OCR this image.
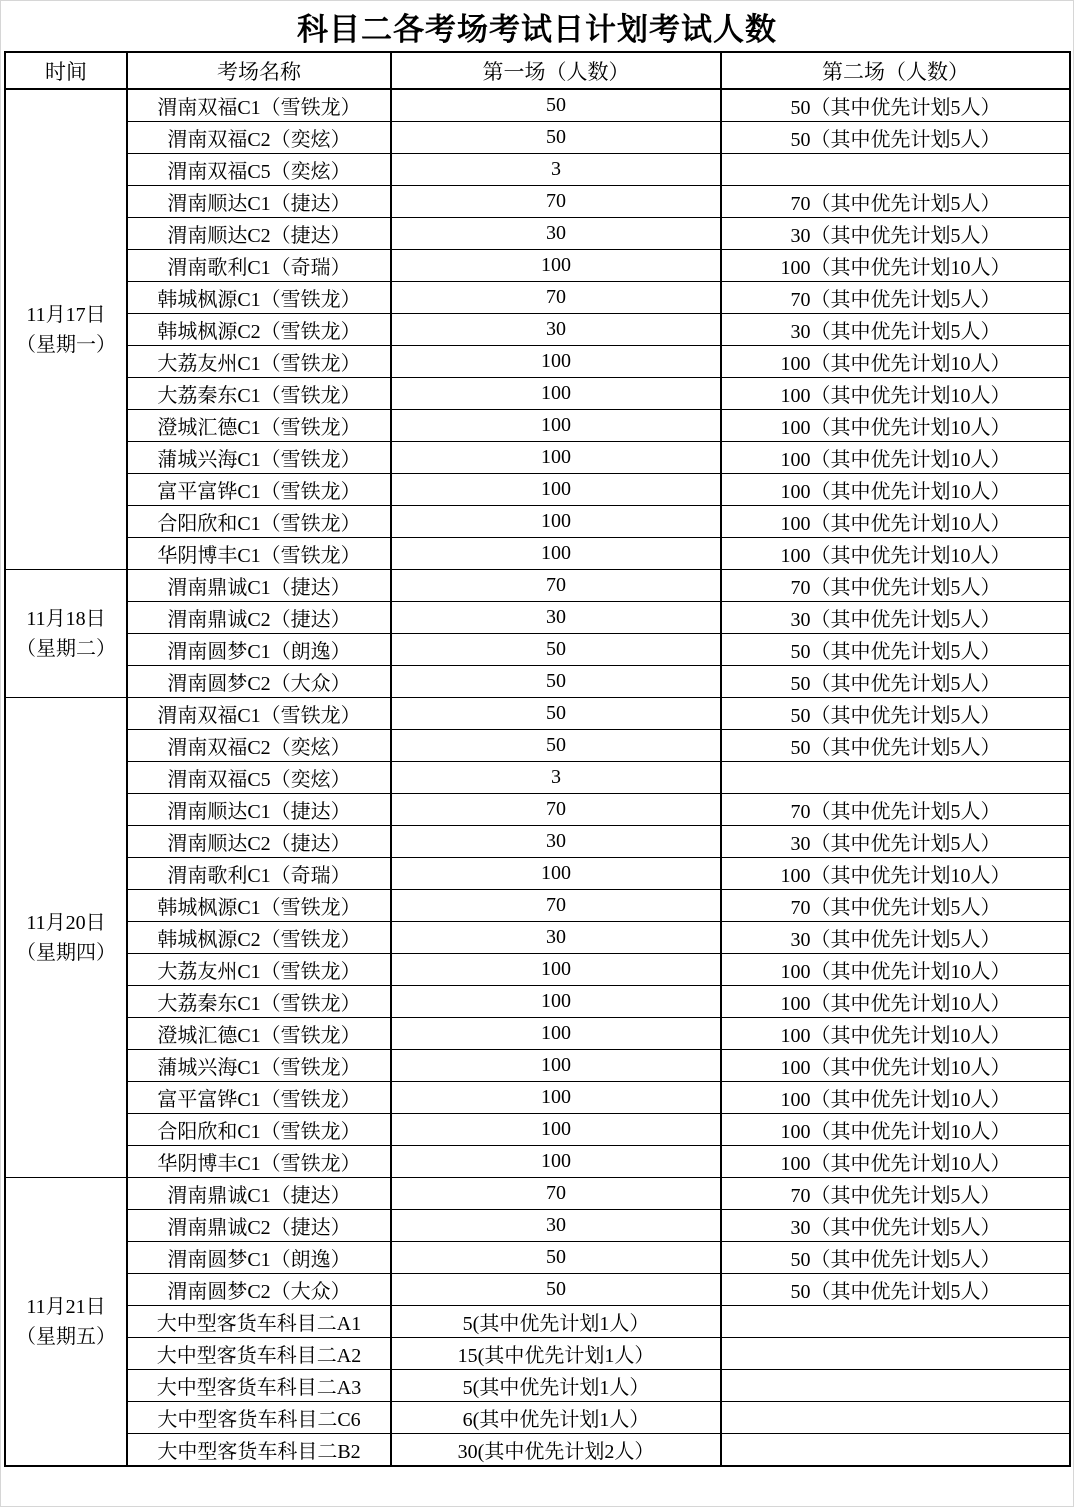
科目二各考场考试日计划考试人数
时间	考场名称	第一场（人数）	第二场（人数）

11月17日
（星期一）	渭南双福C1（雪铁龙）	50	50（其中优先计划5人）
	渭南双福C2（奕炫）	50	50（其中优先计划5人）
	渭南双福C5（奕炫）	3	
	渭南顺达C1（捷达）	70	70（其中优先计划5人）
	渭南顺达C2（捷达）	30	30（其中优先计划5人）
	渭南歌利C1（奇瑞）	100	100（其中优先计划10人）
	韩城枫源C1（雪铁龙）	70	70（其中优先计划5人）
	韩城枫源C2（雪铁龙）	30	30（其中优先计划5人）
	大荔友州C1（雪铁龙）	100	100（其中优先计划10人）
	大荔秦东C1（雪铁龙）	100	100（其中优先计划10人）
	澄城汇德C1（雪铁龙）	100	100（其中优先计划10人）
	蒲城兴海C1（雪铁龙）	100	100（其中优先计划10人）
	富平富铧C1（雪铁龙）	100	100（其中优先计划10人）
	合阳欣和C1（雪铁龙）	100	100（其中优先计划10人）
	华阴博丰C1（雪铁龙）	100	100（其中优先计划10人）

11月18日
（星期二）	渭南鼎诚C1（捷达）	70	70（其中优先计划5人）
	渭南鼎诚C2（捷达）	30	30（其中优先计划5人）
	渭南圆梦C1（朗逸）	50	50（其中优先计划5人）
	渭南圆梦C2（大众）	50	50（其中优先计划5人）

11月20日
（星期四）	渭南双福C1（雪铁龙）	50	50（其中优先计划5人）
	渭南双福C2（奕炫）	50	50（其中优先计划5人）
	渭南双福C5（奕炫）	3	
	渭南顺达C1（捷达）	70	70（其中优先计划5人）
	渭南顺达C2（捷达）	30	30（其中优先计划5人）
	渭南歌利C1（奇瑞）	100	100（其中优先计划10人）
	韩城枫源C1（雪铁龙）	70	70（其中优先计划5人）
	韩城枫源C2（雪铁龙）	30	30（其中优先计划5人）
	大荔友州C1（雪铁龙）	100	100（其中优先计划10人）
	大荔秦东C1（雪铁龙）	100	100（其中优先计划10人）
	澄城汇德C1（雪铁龙）	100	100（其中优先计划10人）
	蒲城兴海C1（雪铁龙）	100	100（其中优先计划10人）
	富平富铧C1（雪铁龙）	100	100（其中优先计划10人）
	合阳欣和C1（雪铁龙）	100	100（其中优先计划10人）
	华阴博丰C1（雪铁龙）	100	100（其中优先计划10人）

11月21日
（星期五）	渭南鼎诚C1（捷达）	70	70（其中优先计划5人）
	渭南鼎诚C2（捷达）	30	30（其中优先计划5人）
	渭南圆梦C1（朗逸）	50	50（其中优先计划5人）
	渭南圆梦C2（大众）	50	50（其中优先计划5人）
	大中型客货车科目二A1	5(其中优先计划1人）	
	大中型客货车科目二A2	15(其中优先计划1人）	
	大中型客货车科目二A3	5(其中优先计划1人）	
	大中型客货车科目二C6	6(其中优先计划1人）	
	大中型客货车科目二B2	30(其中优先计划2人）	
